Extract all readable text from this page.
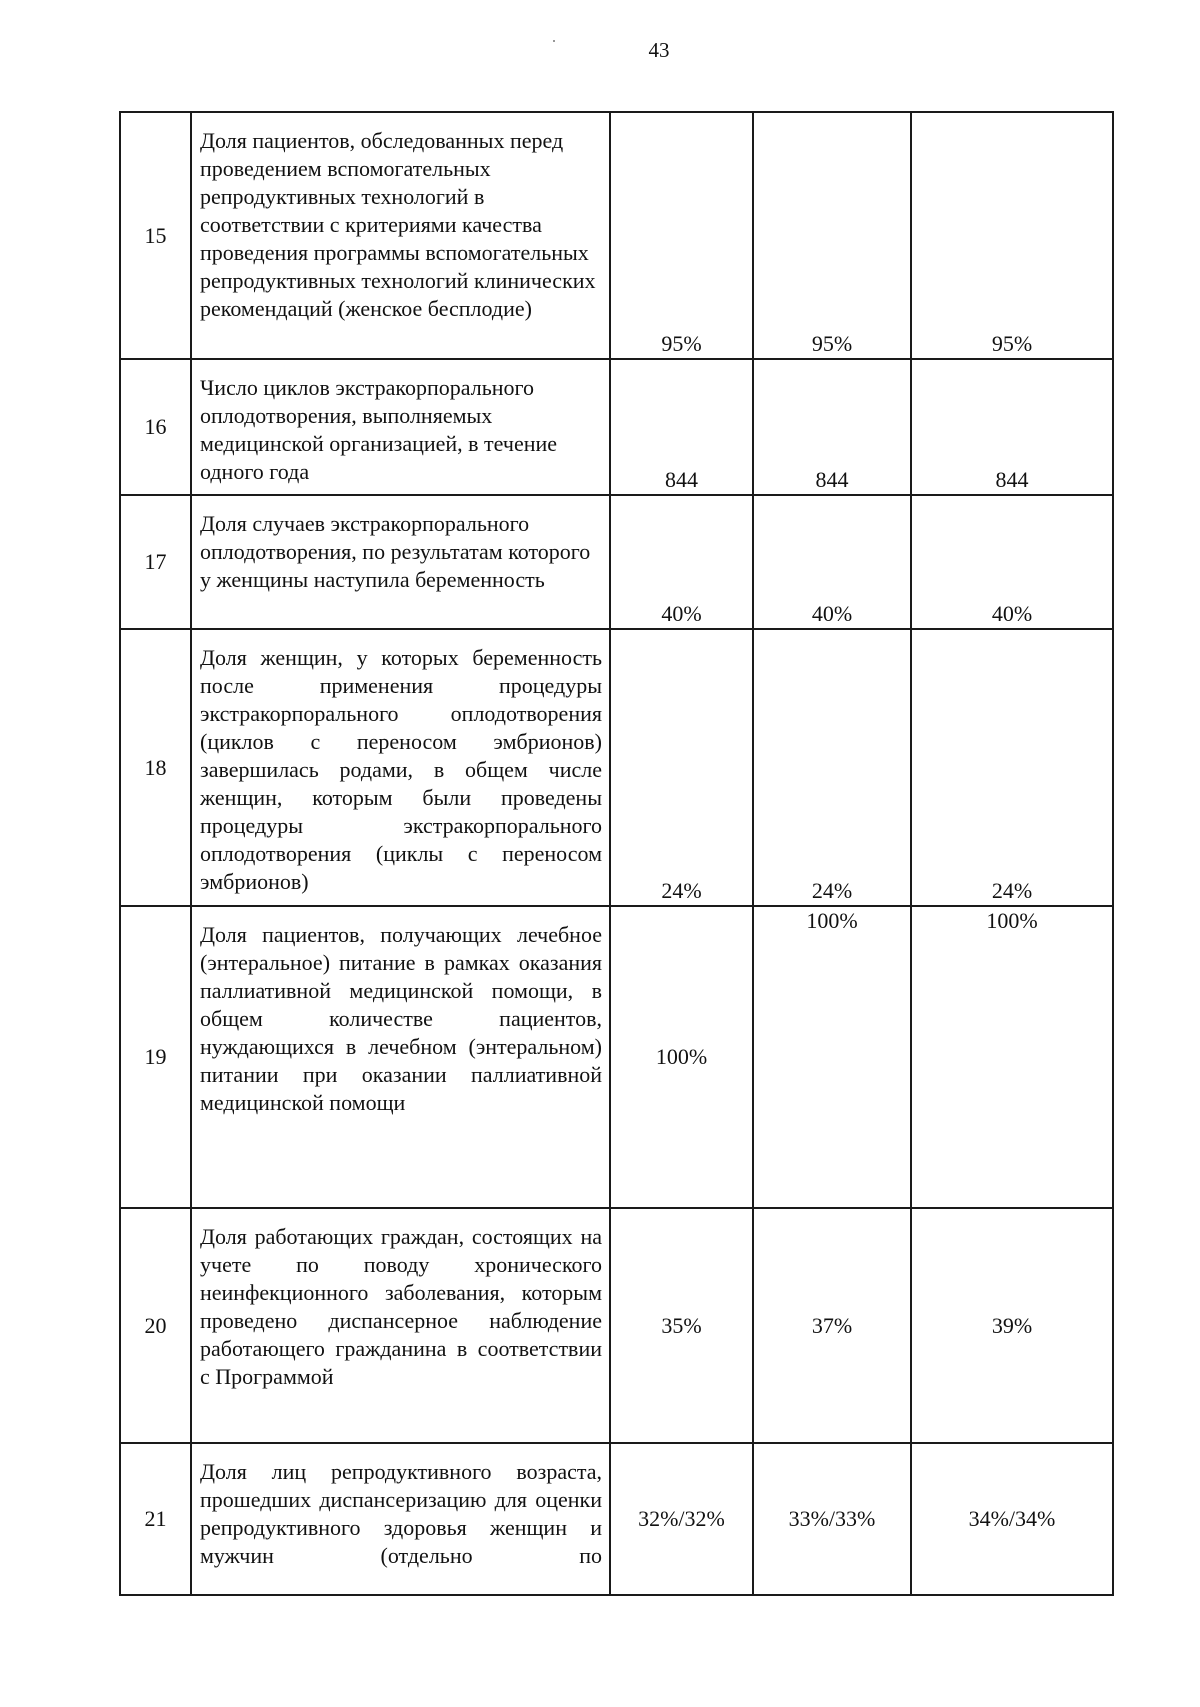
43
15	Доля пациентов, обследованных перед проведением вспомогательных репродуктивных технологий в соответствии с критериями качества проведения программы вспомогательных репродуктивных технологий клинических рекомендаций (женское бесплодие)	95%	95%	95%
16	Число циклов экстракорпорального оплодотворения, выполняемых медицинской организацией, в течение одного года	844	844	844
17	Доля случаев экстракорпорального оплодотворения, по результатам которого у женщины наступила беременность	40%	40%	40%
18	Доля женщин, у которых беременность после применения процедуры экстракорпорального оплодотворения (циклов с переносом эмбрионов) завершилась родами, в общем числе женщин, которым были проведены процедуры экстракорпорального оплодотворения (циклы с переносом эмбрионов)	24%	24%	24%
19	Доля пациентов, получающих лечебное (энтеральное) питание в рамках оказания паллиативной медицинской помощи, в общем количестве пациентов, нуждающихся в лечебном (энтеральном) питании при оказании паллиативной медицинской помощи	100%	100%	100%
20	Доля работающих граждан, состоящих на учете по поводу хронического неинфекционного заболевания, которым проведено диспансерное наблюдение работающего гражданина в соответствии с Программой	35%	37%	39%
21	Доля лиц репродуктивного возраста, прошедших диспансеризацию для оценки репродуктивного здоровья женщин и мужчин (отдельно по	32%/32%	33%/33%	34%/34%
